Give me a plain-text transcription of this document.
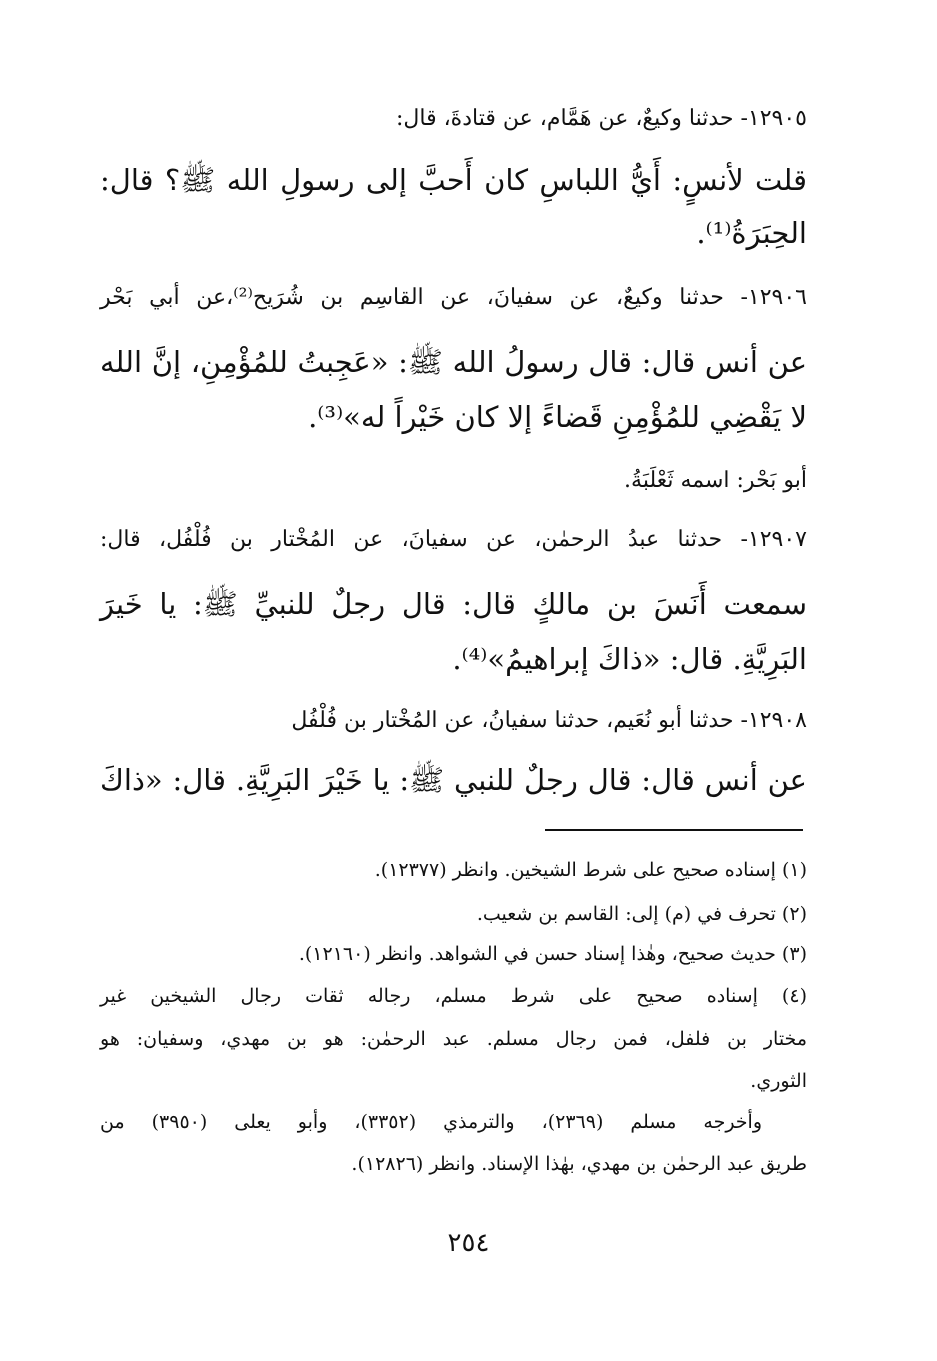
١٢٩٠٥- حدثنا وكيعٌ، عن هَمَّام، عن قتادةَ، قال:
قلت لأنسٍ: أَيُّ اللباسِ كان أَحبَّ إلى رسولِ الله ﷺ؟ قال:
الحِبَرَةُ⁽¹⁾.
١٢٩٠٦- حدثنا وكيعٌ، عن سفيانَ، عن القاسِم بن شُرَيح⁽²⁾،عن أبي بَحْر
عن أنس قال: قال رسولُ الله ﷺ: «عَجِبتُ للمُؤْمِنِ، إنَّ الله
لا يَقْضِي للمُؤْمِنِ قَضاءً إلا كان خَيْراً له»⁽³⁾.
أبو بَحْر: اسمه ثَعْلَبَةُ.
١٢٩٠٧- حدثنا عبدُ الرحمٰن، عن سفيانَ، عن المُخْتار بن فُلْفُل، قال:
سمعت أَنَسَ بن مالكٍ قال: قال رجلٌ للنبيِّ ﷺ: يا خَيرَ
البَرِيَّةِ. قال: «ذاكَ إبراهيمُ»⁽⁴⁾.
١٢٩٠٨- حدثنا أبو نُعَيم، حدثنا سفيانُ، عن المُخْتار بن فُلْفُل
عن أنس قال: قال رجلٌ للنبي ﷺ: يا خَيْرَ البَرِيَّةِ. قال: «ذاكَ
(١) إسناده صحيح على شرط الشيخين. وانظر (١٢٣٧٧).
(٢) تحرف في (م) إلى: القاسم بن شعيب.
(٣) حديث صحيح، وهٰذا إسناد حسن في الشواهد. وانظر (١٢١٦٠).
(٤) إسناده صحيح على شرط مسلم، رجاله ثقات رجال الشيخين غير
مختار بن فلفل، فمن رجال مسلم. عبد الرحمٰن: هو بن مهدي، وسفيان: هو
الثوري.
وأخرجه مسلم (٢٣٦٩)، والترمذي (٣٣٥٢)، وأبو يعلى (٣٩٥٠) من
طريق عبد الرحمٰن بن مهدي، بهٰذا الإسناد. وانظر (١٢٨٢٦).
٢٥٤
